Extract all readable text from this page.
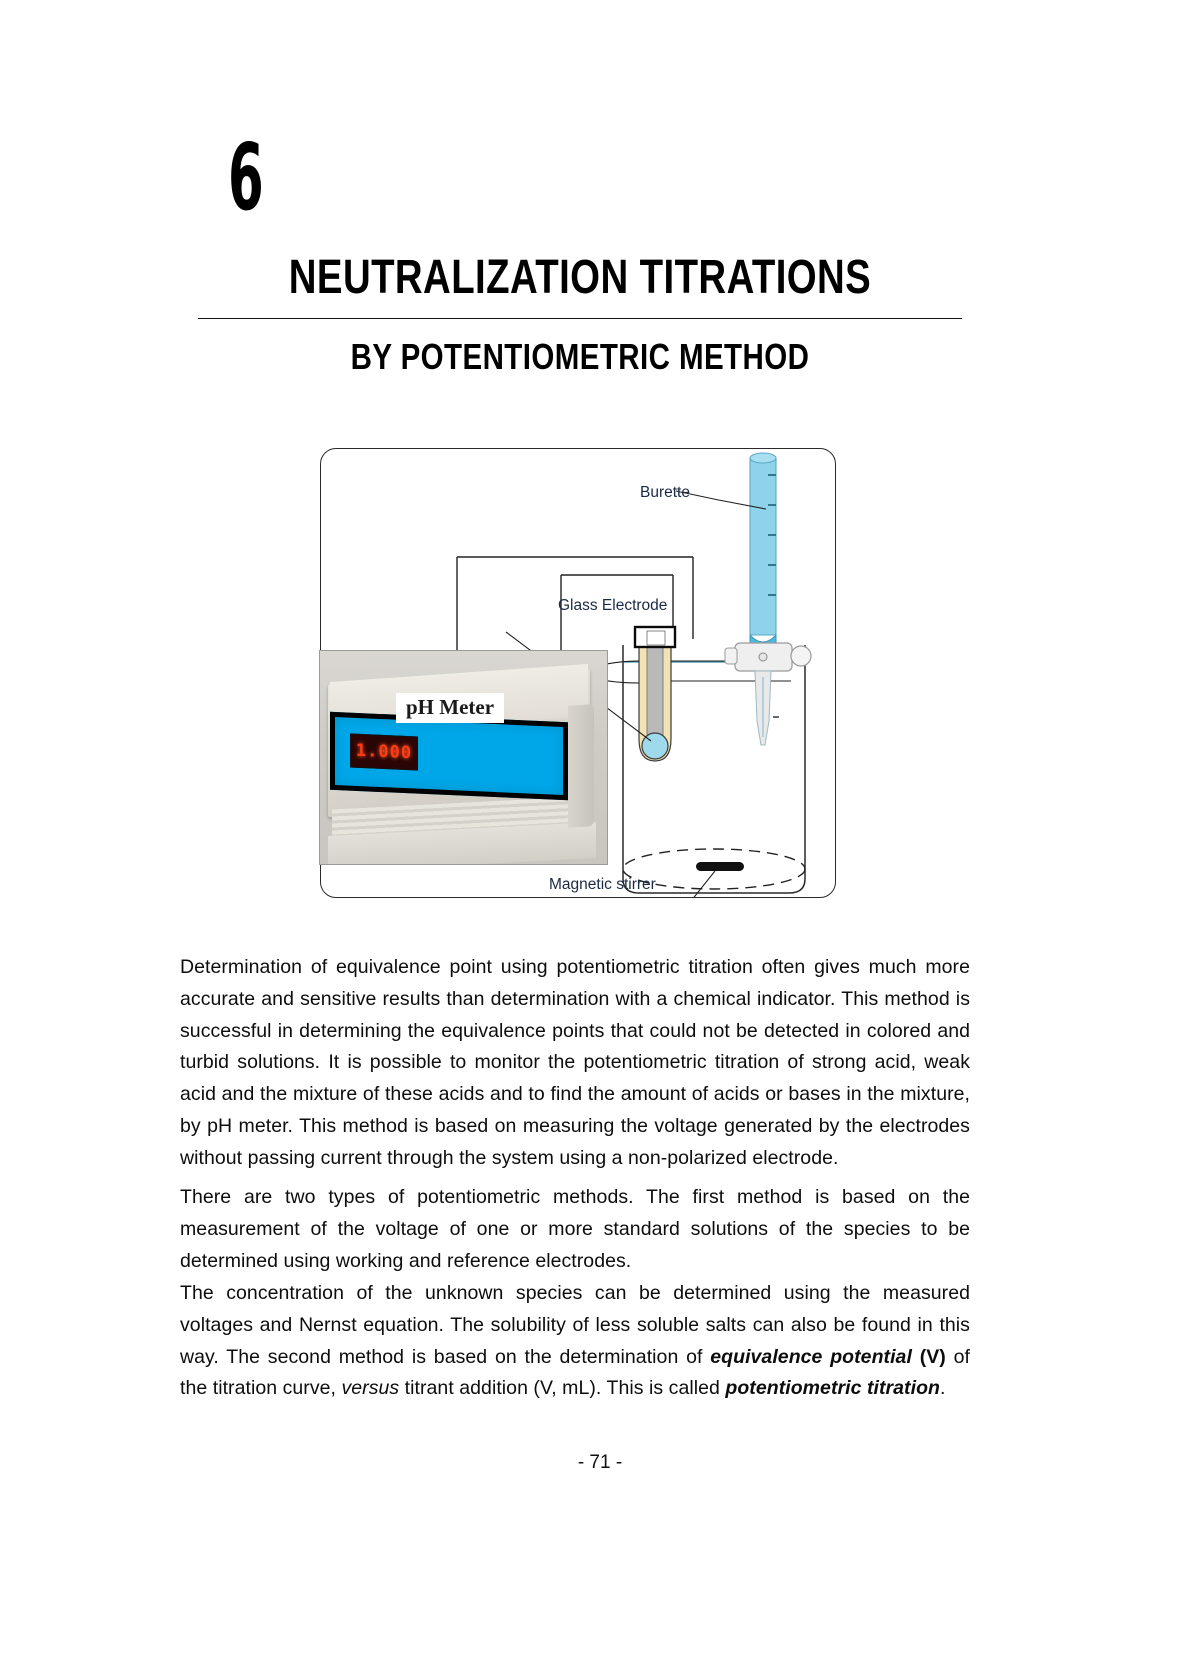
6
NEUTRALIZATION TITRATIONS
BY POTENTIOMETRIC METHOD
1.000
pH Meter
Burette
Glass Electrode
Magnetic stirrer
Determination of equivalence point using potentiometric titration often gives much more accurate and sensitive results than determination with a chemical indicator. This method is successful in determining the equivalence points that could not be detected in colored and turbid solutions. It is possible to monitor the potentiometric titration of strong acid, weak acid and the mixture of these acids and to find the amount of acids or bases in the mixture, by pH meter. This method is based on measuring the voltage generated by the electrodes without passing current through the system using a non-polarized electrode.
There are two types of potentiometric methods. The first method is based on the measurement of the voltage of one or more standard solutions of the species to be determined using working and reference electrodes.
The concentration of the unknown species can be determined using the measured voltages and Nernst equation. The solubility of less soluble salts can also be found in this way. The second method is based on the determination of equivalence potential (V) of the titration curve, versus titrant addition (V, mL). This is called potentiometric titration.
- 71 -
